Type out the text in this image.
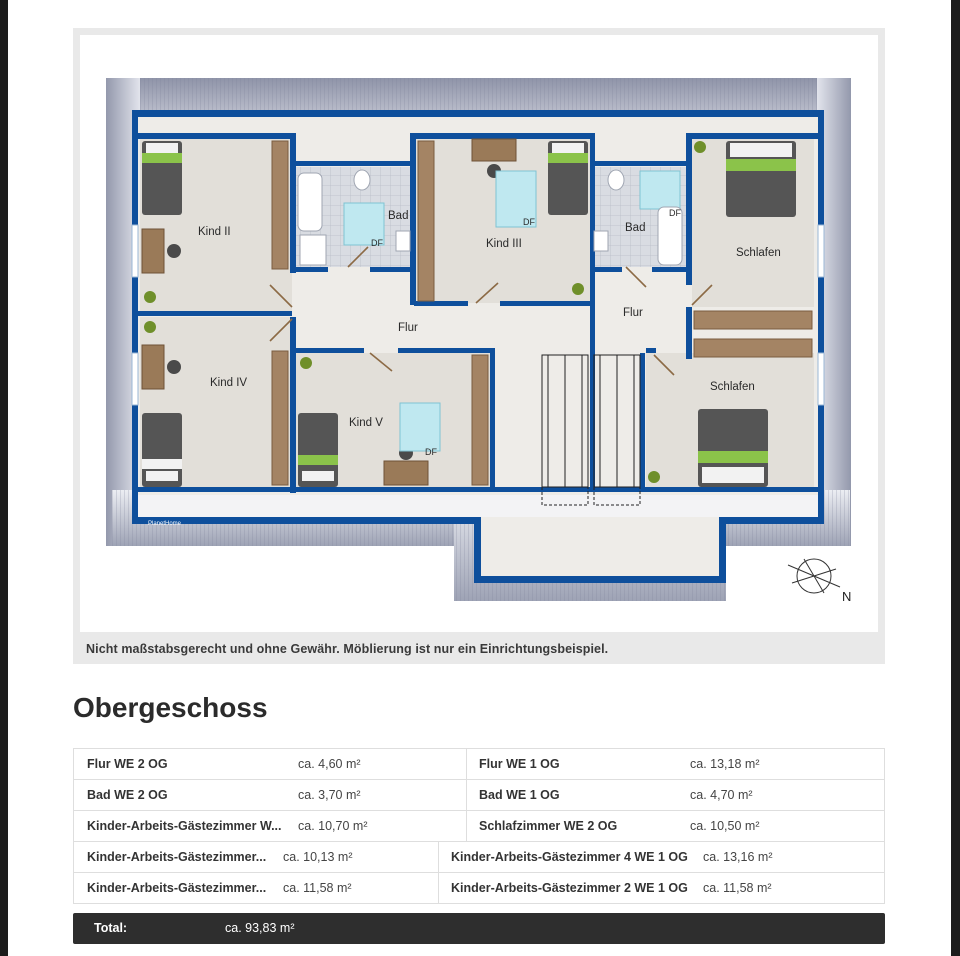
Kind II
Bad
Kind III
Bad
Schlafen
Flur
Flur
Kind IV
Kind V
Schlafen
DF
DF
DF
DF
PlanetHome
N
Nicht maßstabsgerecht und ohne Gewähr. Möblierung ist nur ein Einrichtungsbeispiel.
Obergeschoss
Flur WE 2 OG	ca. 4,60 m²	Flur WE 1 OG	ca. 13,18 m²
Bad WE 2 OG	ca. 3,70 m²	Bad WE 1 OG	ca. 4,70 m²
Kinder-Arbeits-Gästezimmer W...	ca. 10,70 m²	Schlafzimmer WE 2 OG	ca. 10,50 m²
Kinder-Arbeits-Gästezimmer...	ca. 10,13 m²	Kinder-Arbeits-Gästezimmer 4 WE 1 OG	ca. 13,16 m²
Kinder-Arbeits-Gästezimmer...	ca. 11,58 m²	Kinder-Arbeits-Gästezimmer 2 WE 1 OG	ca. 11,58 m²
Total:	ca. 93,83 m²
